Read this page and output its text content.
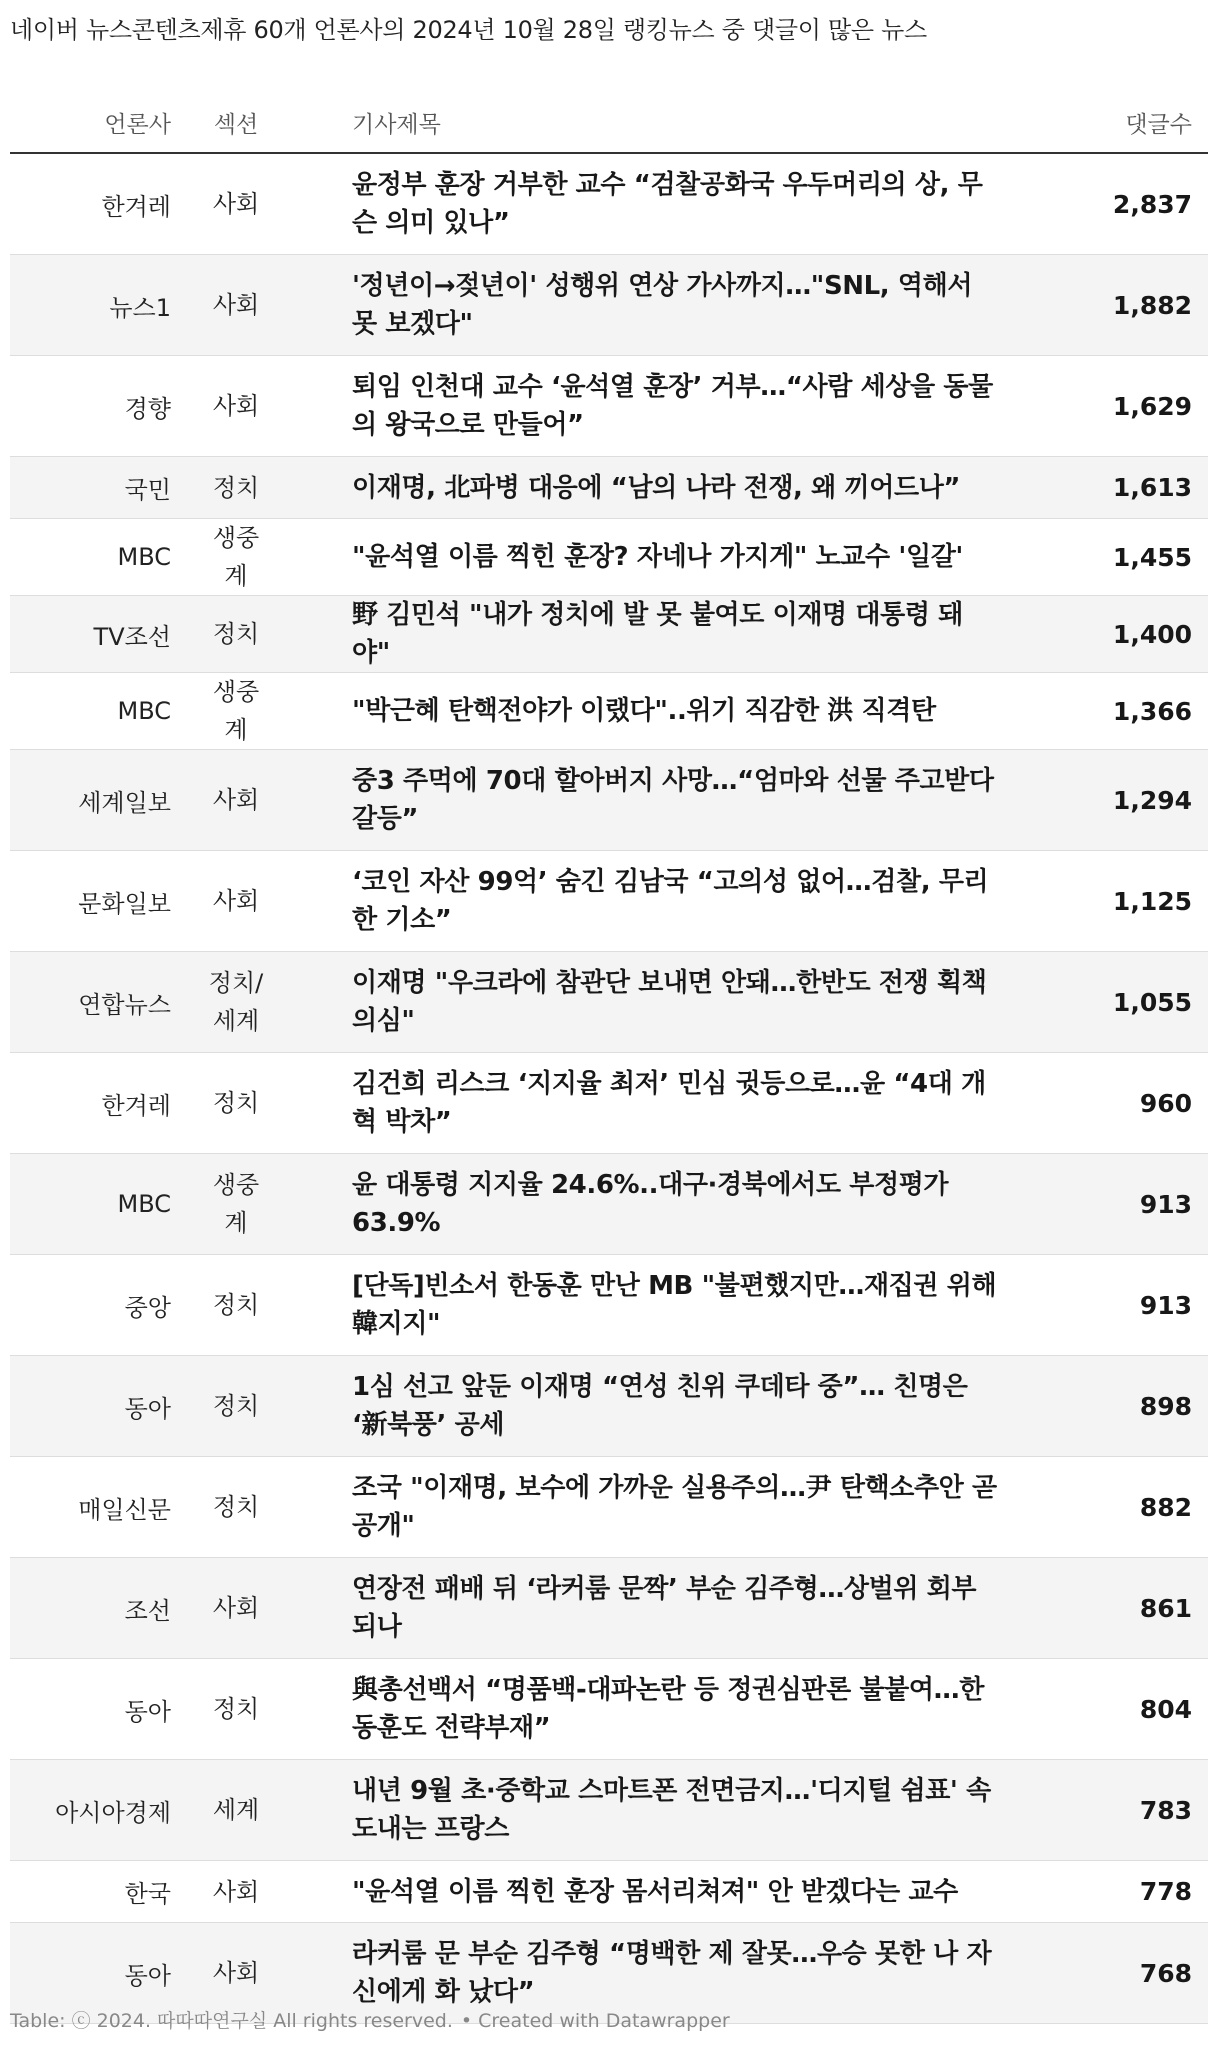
네이버 뉴스콘텐츠제휴 60개 언론사의 2024년 10월 28일 랭킹뉴스 중 댓글이 많은 뉴스
언론사	섹션	기사제목	댓글수
한겨레	사회	윤정부 훈장 거부한 교수 “검찰공화국 우두머리의 상, 무슨 의미 있나”	2,837
뉴스1	사회	'정년이→젖년이' 성행위 연상 가사까지…"SNL, 역해서 못 보겠다"	1,882
경향	사회	퇴임 인천대 교수 ‘윤석열 훈장’ 거부…“사람 세상을 동물의 왕국으로 만들어”	1,629
국민	정치	이재명, 北파병 대응에 “남의 나라 전쟁, 왜 끼어드나”	1,613
MBC	생중계	"윤석열 이름 찍힌 훈장? 자네나 가지게" 노교수 '일갈'	1,455
TV조선	정치	野 김민석 "내가 정치에 발 못 붙여도 이재명 대통령 돼야"	1,400
MBC	생중계	"박근혜 탄핵전야가 이랬다"..위기 직감한 洪 직격탄	1,366
세계일보	사회	중3 주먹에 70대 할아버지 사망…“엄마와 선물 주고받다 갈등”	1,294
문화일보	사회	‘코인 자산 99억’ 숨긴 김남국 “고의성 없어…검찰, 무리한 기소”	1,125
연합뉴스	정치/세계	이재명 "우크라에 참관단 보내면 안돼…한반도 전쟁 획책 의심"	1,055
한겨레	정치	김건희 리스크 ‘지지율 최저’ 민심 귓등으로…윤 “4대 개혁 박차”	960
MBC	생중계	윤 대통령 지지율 24.6%..대구·경북에서도 부정평가 63.9%	913
중앙	정치	[단독]빈소서 한동훈 만난 MB "불편했지만…재집권 위해 韓지지"	913
동아	정치	1심 선고 앞둔 이재명 “연성 친위 쿠데타 중”… 친명은 ‘新북풍’ 공세	898
매일신문	정치	조국 "이재명, 보수에 가까운 실용주의…尹 탄핵소추안 곧 공개"	882
조선	사회	연장전 패배 뒤 ‘라커룸 문짝’ 부순 김주형…상벌위 회부되나	861
동아	정치	與총선백서 “명품백-대파논란 등 정권심판론 불붙여…한동훈도 전략부재”	804
아시아경제	세계	내년 9월 초·중학교 스마트폰 전면금지…'디지털 쉼표' 속도내는 프랑스	783
한국	사회	"윤석열 이름 찍힌 훈장 몸서리쳐져" 안 받겠다는 교수	778
동아	사회	라커룸 문 부순 김주형 “명백한 제 잘못…우승 못한 나 자신에게 화 났다”	768
Table: ⓒ 2024. 따따따연구실 All rights reserved. • Created with Datawrapper
